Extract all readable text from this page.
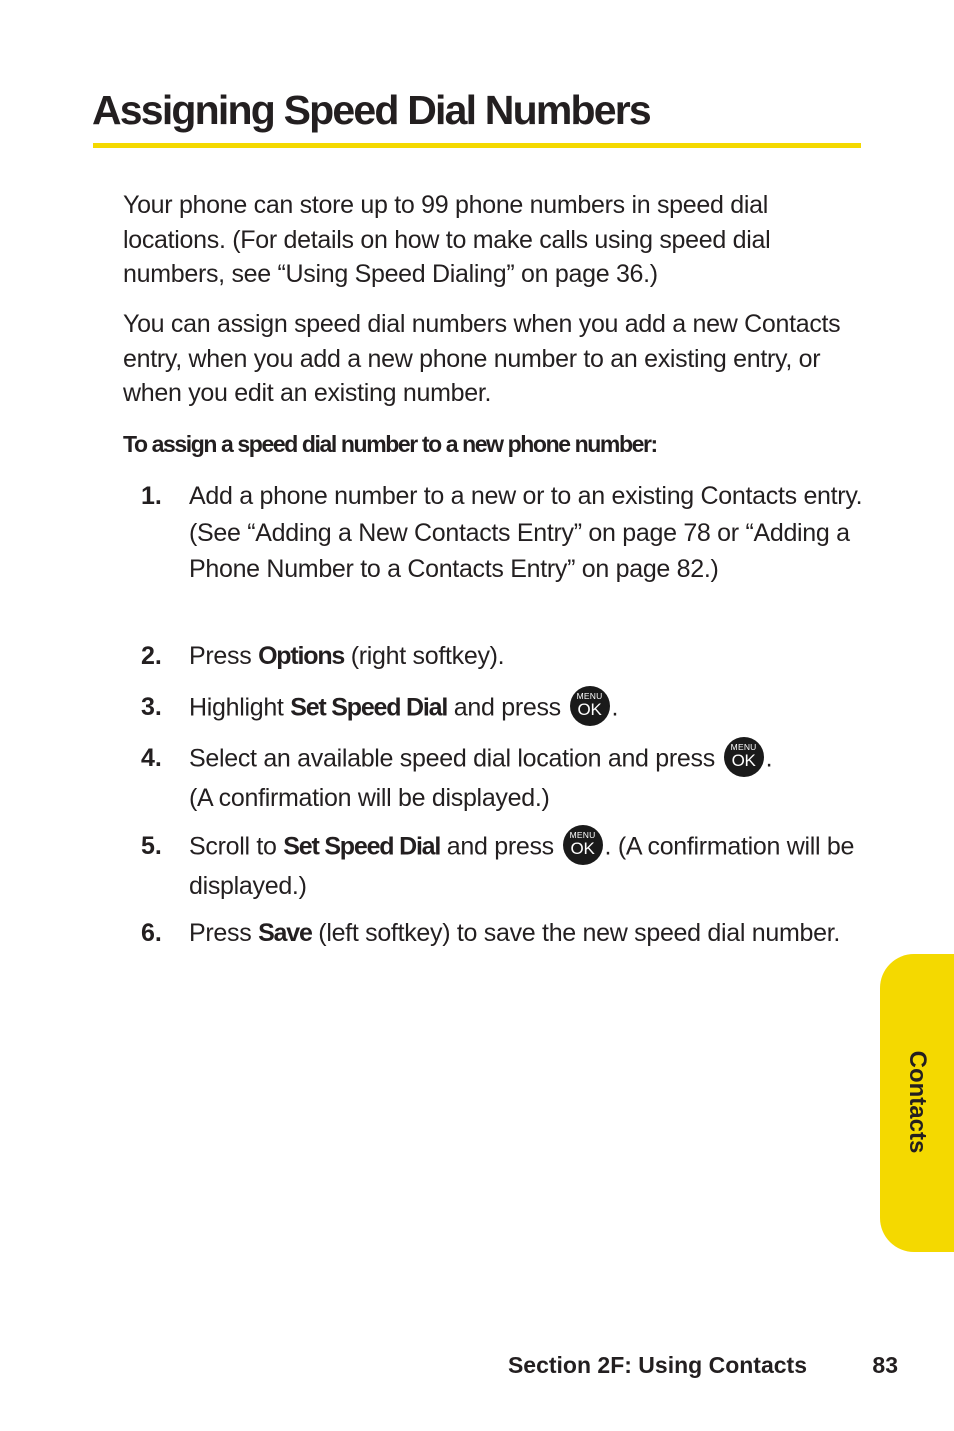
Assigning Speed Dial Numbers

Your phone can store up to 99 phone numbers in speed dial locations. (For details on how to make calls using speed dial numbers, see “Using Speed Dialing” on page 36.)

You can assign speed dial numbers when you add a new Contacts entry, when you add a new phone number to an existing entry, or when you edit an existing number.

To assign a speed dial number to a new phone number:

1. Add a phone number to a new or to an existing Contacts entry. (See “Adding a New Contacts Entry” on page 78 or “Adding a Phone Number to a Contacts Entry” on page 82.)
2. Press Options (right softkey).
3. Highlight Set Speed Dial and press	MENU
OK .
4. Select an available speed dial location and press	MENU
OK .
(A confirmation will be displayed.)
5. Scroll to Set Speed Dial and press	MENU
OK . (A confirmation will be displayed.)
6. Press Save (left softkey) to save the new speed dial number.
Contacts
Section 2F: Using Contacts	83
